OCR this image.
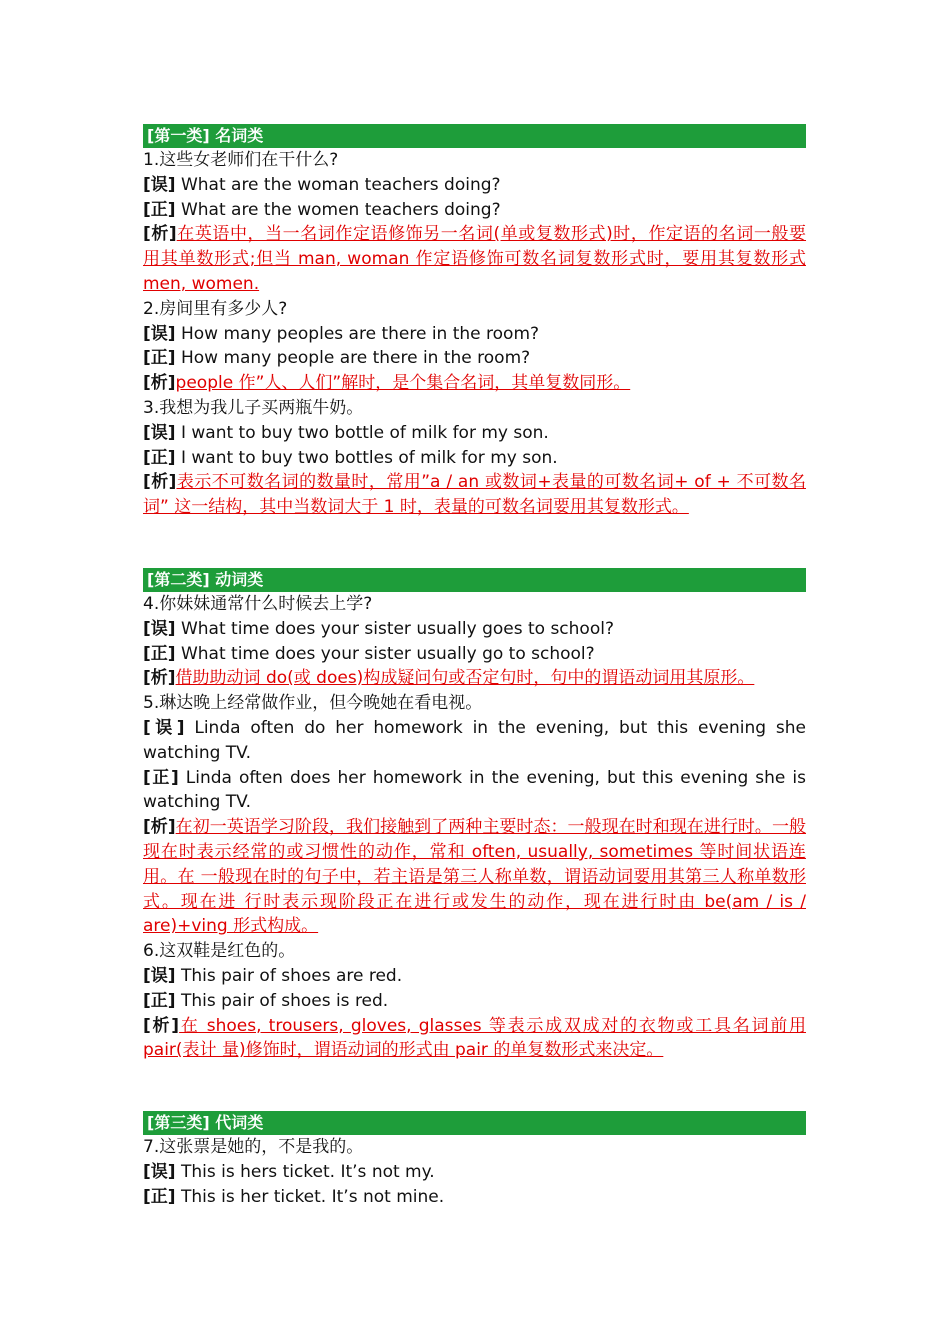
[第一类] 名词类
1.这些女老师们在干什么?
[误] What are the woman teachers doing?
[正] What are the women teachers doing?
[析]在英语中，当一名词作定语修饰另一名词(单或复数形式)时，作定语的名词一般要 用其单数形式;但当 man, woman 作定语修饰可数名词复数形式时，要用其复数形式 men, women.
2.房间里有多少人?
[误] How many peoples are there in the room?
[正] How many people are there in the room?
[析]people 作”人、人们”解时，是个集合名词，其单复数同形。
3.我想为我儿子买两瓶牛奶。
[误] I want to buy two bottle of milk for my son.
[正] I want to buy two bottles of milk for my son.
[析]表示不可数名词的数量时，常用”a / an 或数词+表量的可数名词+ of + 不可数名词” 这一结构，其中当数词大于 1 时，表量的可数名词要用其复数形式。
[第二类] 动词类
4.你妹妹通常什么时候去上学?
[误] What time does your sister usually goes to school?
[正] What time does your sister usually go to school?
[析]借助助动词 do(或 does)构成疑问句或否定句时，句中的谓语动词用其原形。
5.琳达晚上经常做作业，但今晚她在看电视。
[误] Linda often do her homework in the evening, but this evening she watching TV.
[正] Linda often does her homework in the evening, but this evening she is watching TV.
[析]在初一英语学习阶段，我们接触到了两种主要时态：一般现在时和现在进行时。一般现在时表示经常的或习惯性的动作，常和 often, usually, sometimes 等时间状语连用。在 一般现在时的句子中，若主语是第三人称单数，谓语动词要用其第三人称单数形式。现在进 行时表示现阶段正在进行或发生的动作，现在进行时由 be(am / is / are)+ving 形式构成。
6.这双鞋是红色的。
[误] This pair of shoes are red.
[正] This pair of shoes is red.
[析]在 shoes, trousers, gloves, glasses 等表示成双成对的衣物或工具名词前用 pair(表计 量)修饰时，谓语动词的形式由 pair 的单复数形式来决定。
[第三类] 代词类
7.这张票是她的，不是我的。
[误] This is hers ticket. It’s not my.
[正] This is her ticket. It’s not mine.
